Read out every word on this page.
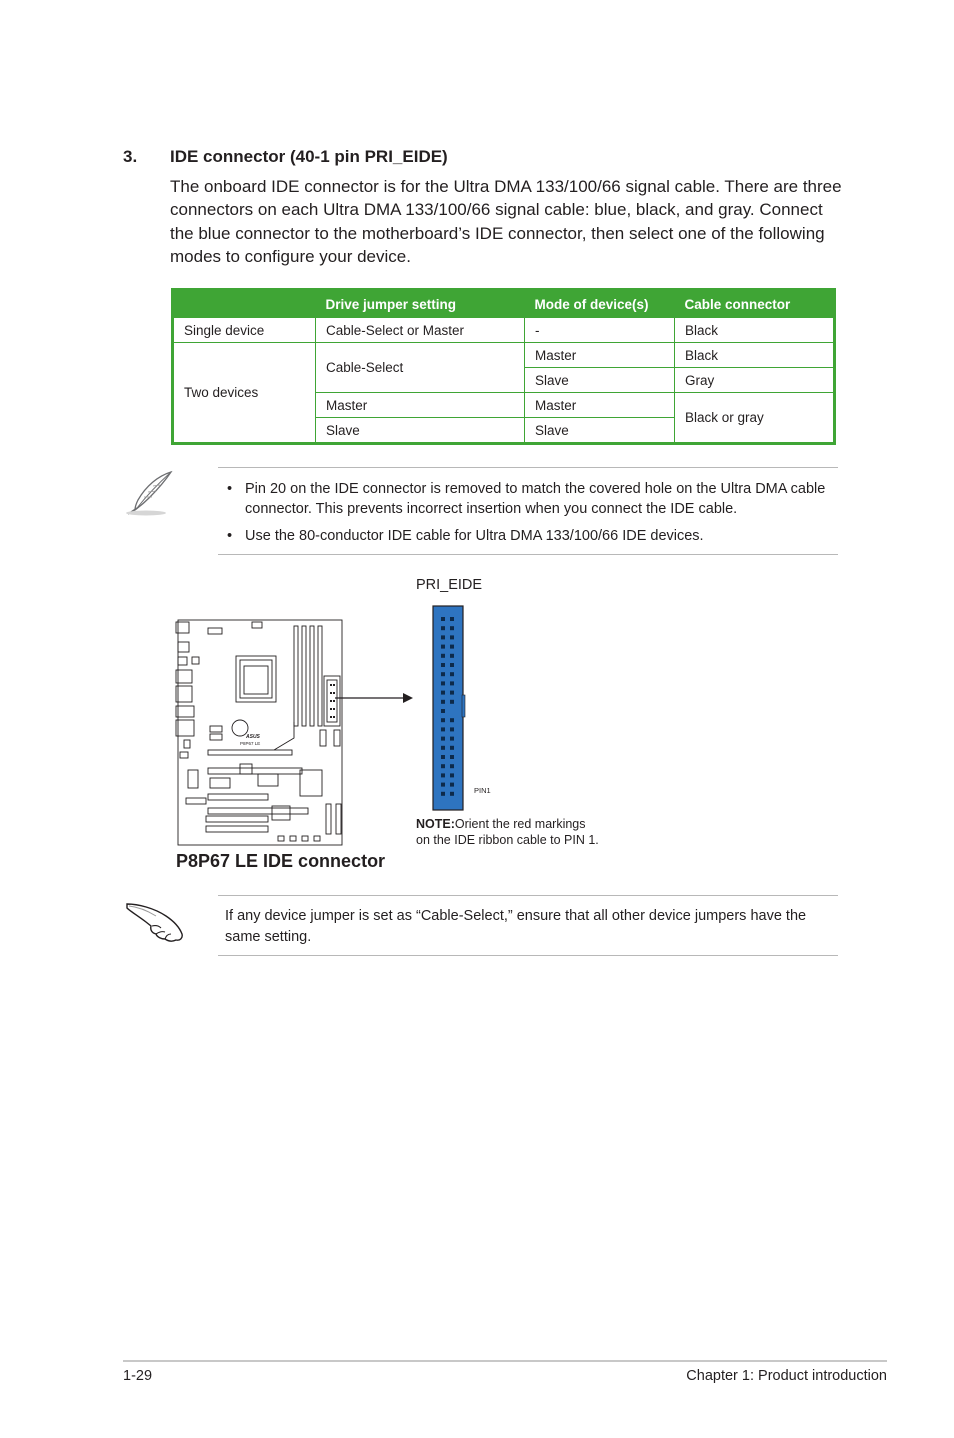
3. IDE connector (40-1 pin PRI_EIDE)

The onboard IDE connector is for the Ultra DMA 133/100/66 signal cable. There are three connectors on each Ultra DMA 133/100/66 signal cable: blue, black, and gray. Connect the blue connector to the motherboard’s IDE connector, then select one of the following modes to configure your device.

	Drive jumper setting	Mode of device(s)	Cable connector
Single device	Cable-Select or Master	-	Black
Two devices	Cable-Select	Master	Black
		Slave	Gray
	Master	Master	Black or gray
	Slave	Slave	
• Pin 20 on the IDE connector is removed to match the covered hole on the Ultra DMA cable connector. This prevents incorrect insertion when you connect the IDE cable.
• Use the 80-conductor IDE cable for Ultra DMA 133/100/66 IDE devices.
PRI_EIDE
ASUS
P8P67 LE
PIN1
NOTE:Orient the red markings
on the IDE ribbon cable to PIN 1.
P8P67 LE IDE connector

If any device jumper is set as “Cable-Select,” ensure that all other device jumpers have the same setting.

1-29	Chapter 1: Product introduction
